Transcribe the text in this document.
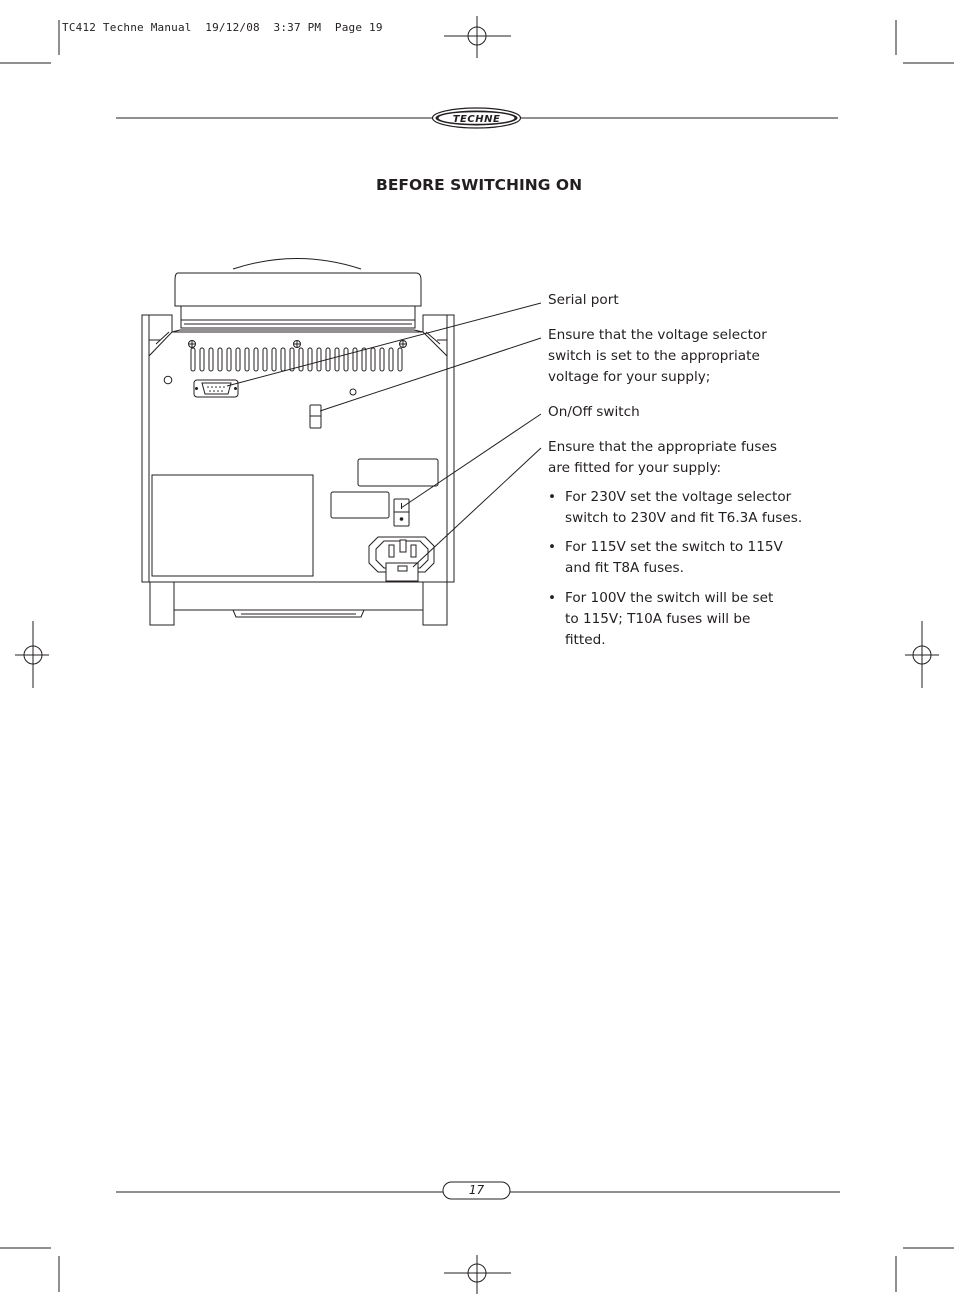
TC412 Techne Manual  19/12/08  3:37 PM  Page 19
TECHNE
BEFORE SWITCHING ON
Serial port
Ensure that the voltage selector switch is set to the appropriate voltage for your supply;
On/Off switch
Ensure that the appropriate fuses are fitted for your supply:
• For 230V set the voltage selector switch to 230V and fit T6.3A fuses.
• For 115V set the switch to 115V and fit T8A fuses.
• For 100V the switch will be set to 115V; T10A fuses will be fitted.
17
